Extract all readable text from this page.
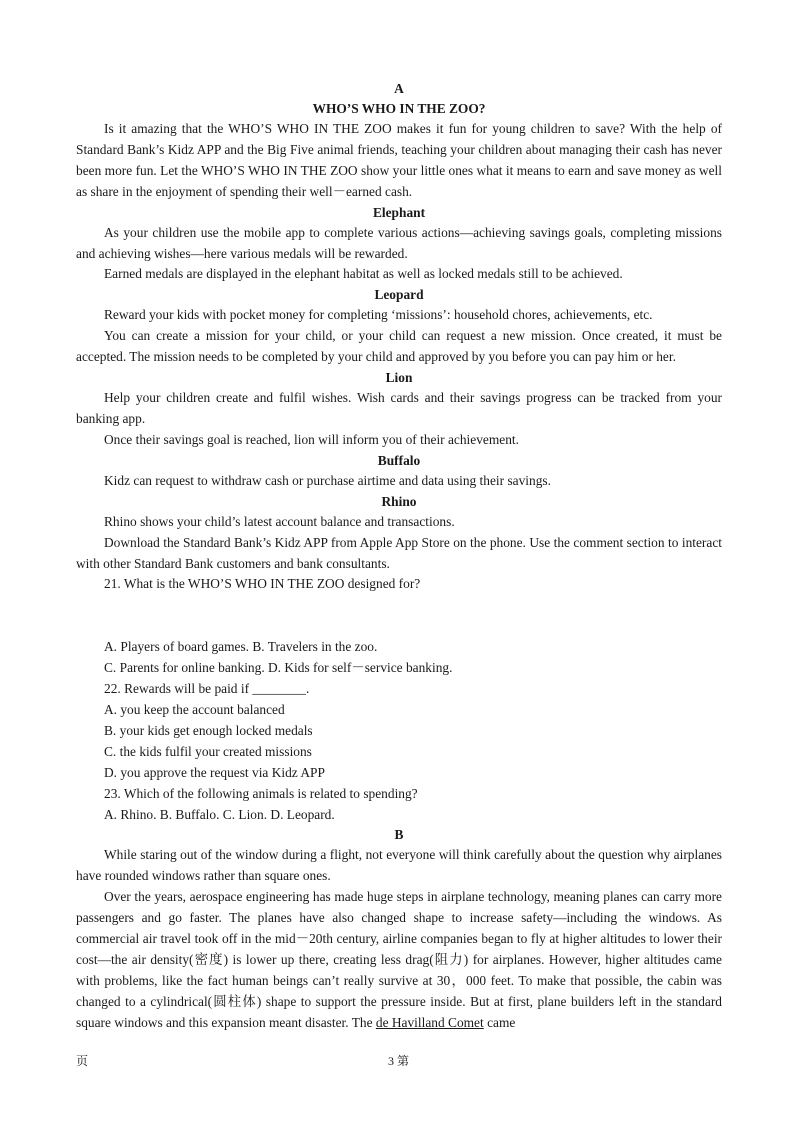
A
WHO’S WHO IN THE ZOO?

Is it amazing that the WHO’S WHO IN THE ZOO makes it fun for young children to save? With the help of Standard Bank’s Kidz APP and the Big Five animal friends, teaching your children about managing their cash has never been more fun. Let the WHO’S WHO IN THE ZOO show your little ones what it means to earn and save money as well as share in the enjoyment of spending their well－earned cash.

Elephant

As your children use the mobile app to complete various actions—achieving savings goals, completing missions and achieving wishes—here various medals will be rewarded.

Earned medals are displayed in the elephant habitat as well as locked medals still to be achieved.

Leopard

Reward your kids with pocket money for completing ‘missions’: household chores, achievements, etc.

You can create a mission for your child, or your child can request a new mission. Once created, it must be accepted. The mission needs to be completed by your child and approved by you before you can pay him or her.

Lion

Help your children create and fulfil wishes. Wish cards and their savings progress can be tracked from your banking app.

Once their savings goal is reached, lion will inform you of their achievement.

Buffalo

Kidz can request to withdraw cash or purchase airtime and data using their savings.

Rhino

Rhino shows your child’s latest account balance and transactions.

Download the Standard Bank’s Kidz APP from Apple App Store on the phone. Use the comment section to interact with other Standard Bank customers and bank consultants.

21. What is the WHO’S WHO IN THE ZOO designed for?

A. Players of board games. B. Travelers in the zoo.

C. Parents for online banking. D. Kids for self－service banking.

22. Rewards will be paid if ________.

A. you keep the account balanced

B. your kids get enough locked medals

C. the kids fulfil your created missions

D. you approve the request via Kidz APP

23. Which of the following animals is related to spending?

A. Rhino. B. Buffalo. C. Lion. D. Leopard.

B

While staring out of the window during a flight, not everyone will think carefully about the question why airplanes have rounded windows rather than square ones.

Over the years, aerospace engineering has made huge steps in airplane technology, meaning planes can carry more passengers and go faster. The planes have also changed shape to increase safety—including the windows. As commercial air travel took off in the mid－20th century, airline companies began to fly at higher altitudes to lower their cost—the air density(密度) is lower up there, creating less drag(阻力) for airplanes. However, higher altitudes came with problems, like the fact human beings can’t really survive at 30，000 feet. To make that possible, the cabin was changed to a cylindrical(圆柱体) shape to support the pressure inside. But at first, plane builders left in the standard square windows and this expansion meant disaster. The de Havilland Comet came

页	3 第
